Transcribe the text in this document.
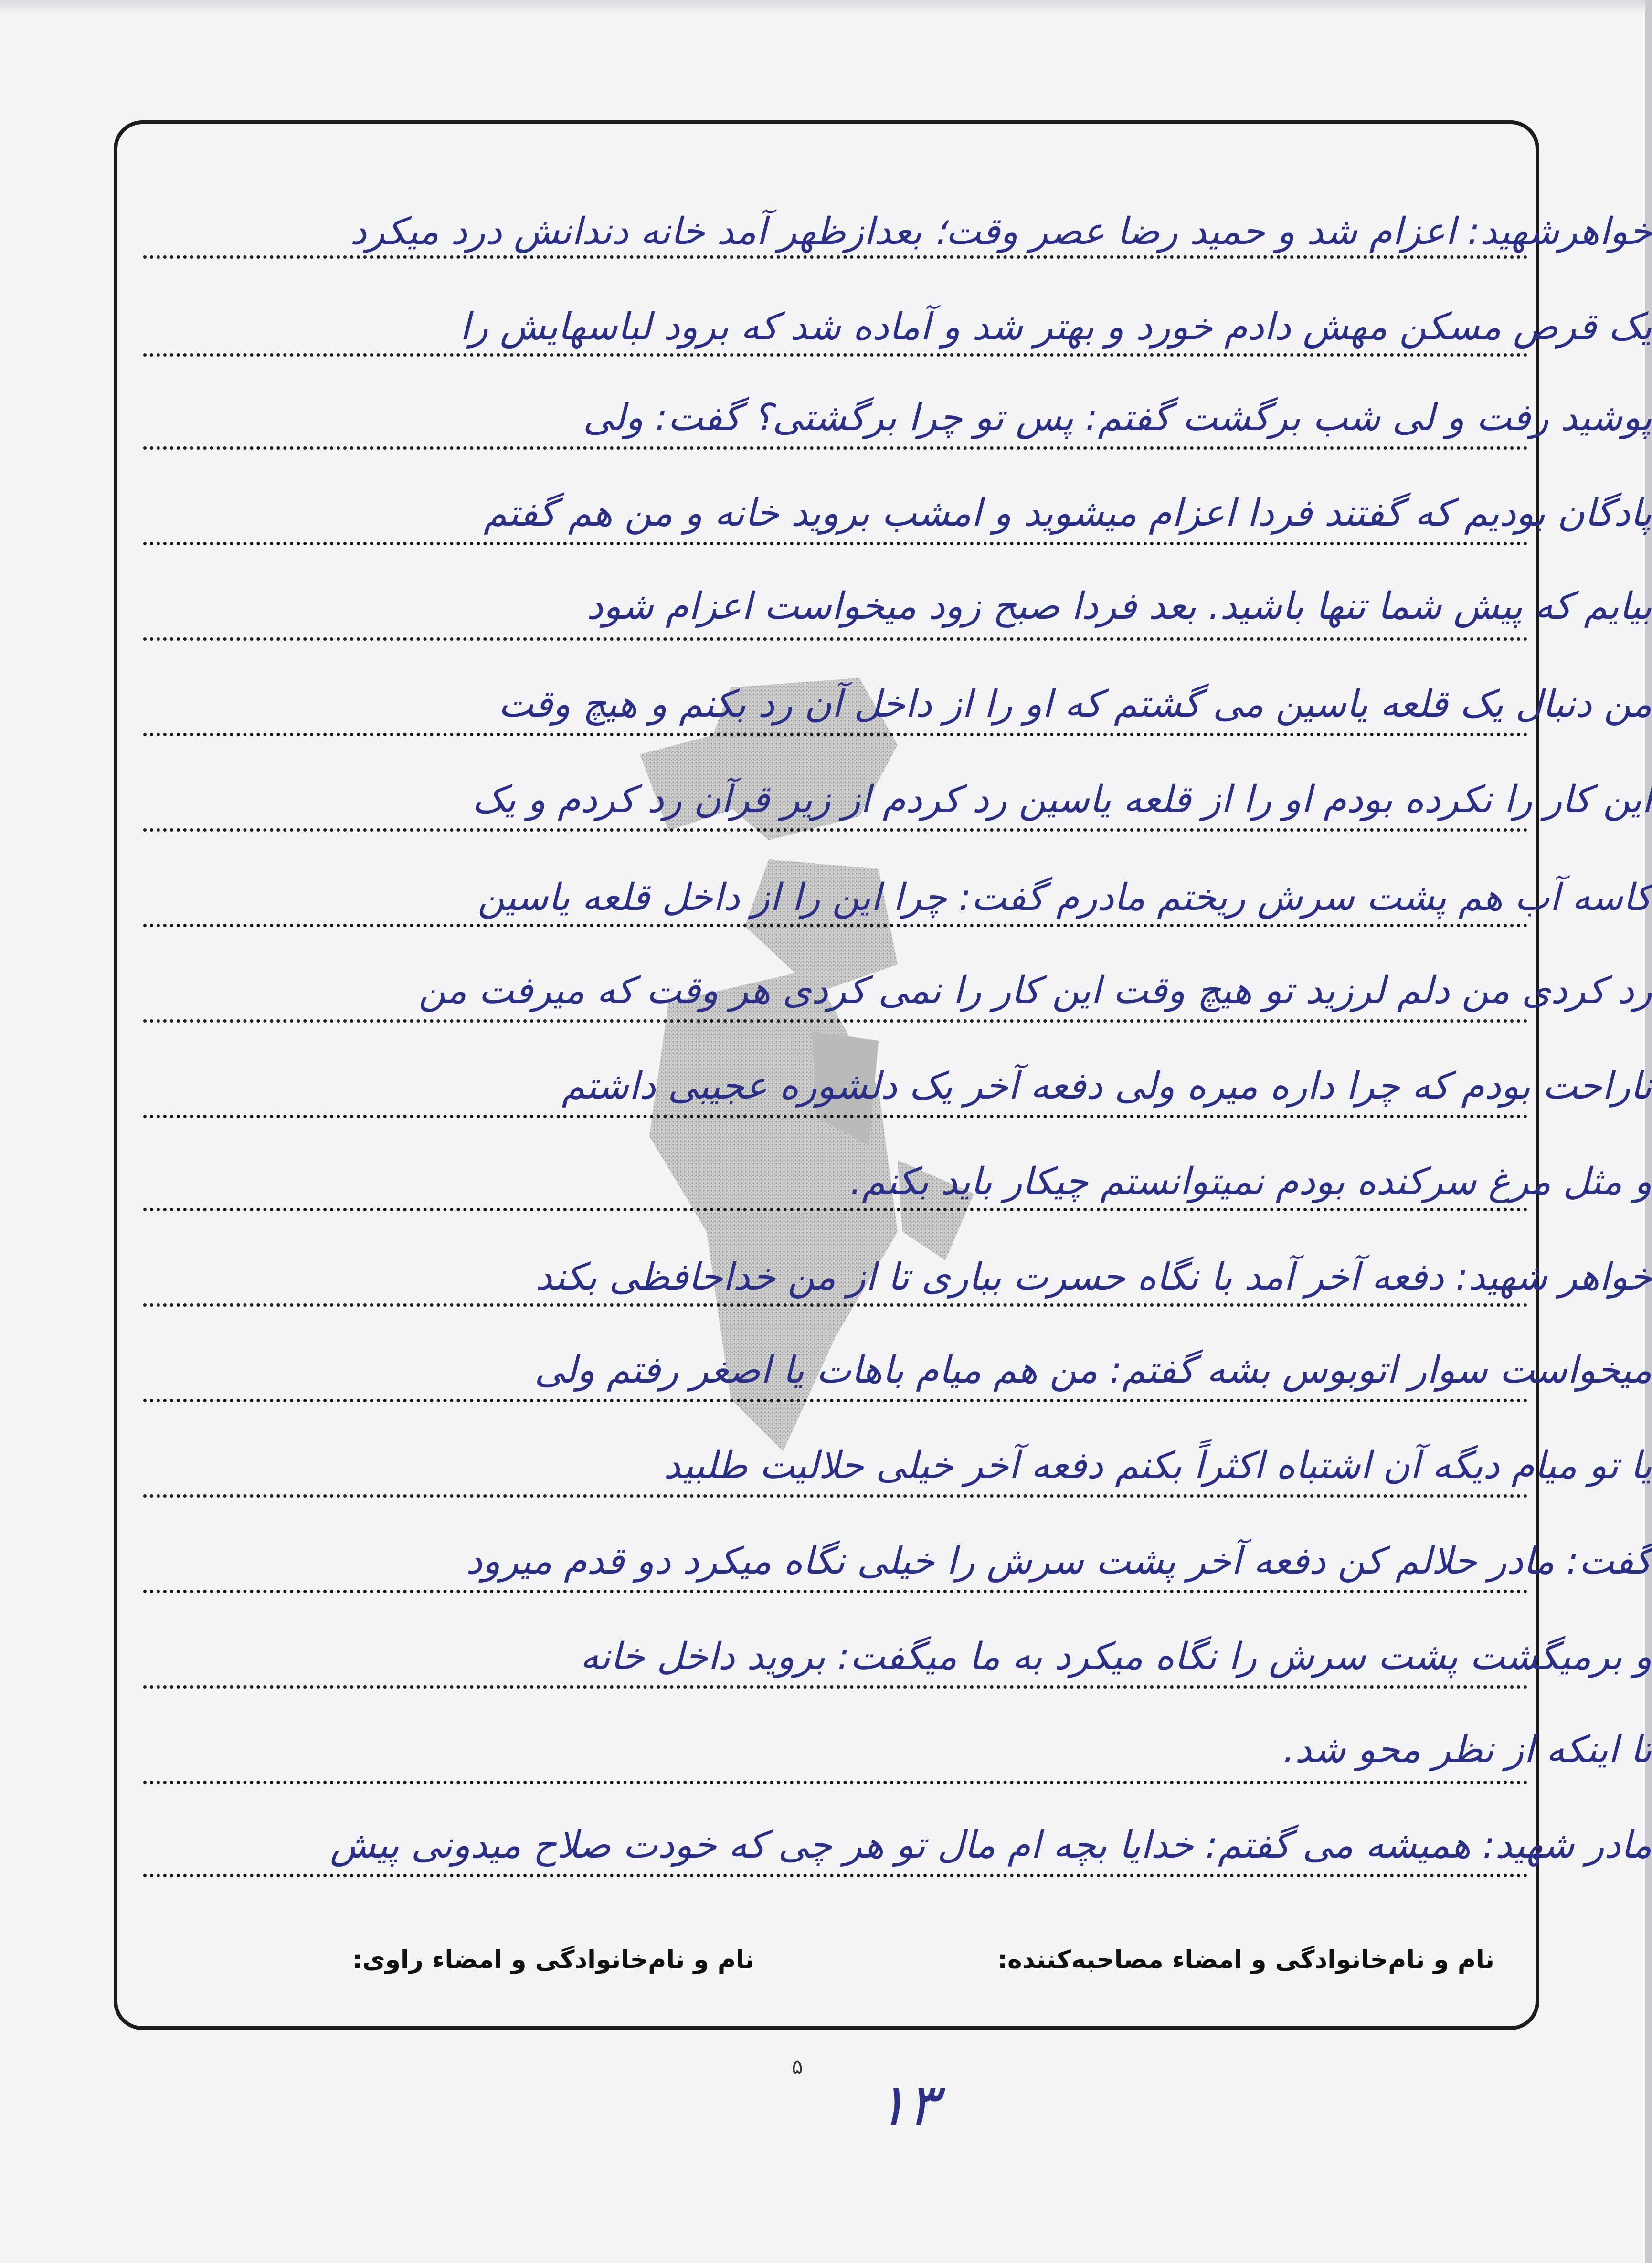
خواهرشهید: اعزام شد و حمید رضا عصر وقت؛ بعدازظهر آمد خانه دندانش درد میکرد
یک قرص مسکن مهش دادم خورد و بهتر شد و آماده شد که برود لباسهایش را
پوشید رفت و لی شب برگشت گفتم: پس تو چرا برگشتی؟ گفت: ولی
پادگان بودیم که گفتند فردا اعزام میشوید و امشب بروید خانه و من هم گفتم
بیایم که پیش شما تنها باشید. بعد فردا صبح زود میخواست اعزام شود
من دنبال یک قلعه یاسین می گشتم که او را از داخل آن رد بکنم و هیچ وقت
این کار را نکرده بودم او را از قلعه یاسین رد کردم از زیر قرآن رد کردم و یک
کاسه آب هم پشت سرش ریختم مادرم گفت: چرا این را از داخل قلعه یاسین
رد کردی من دلم لرزید تو هیچ وقت این کار را نمی کردی هر وقت که میرفت من
ناراحت بودم که چرا داره میره ولی دفعه آخر یک دلشوره عجیبی داشتم
و مثل مرغ سرکنده بودم نمیتوانستم چیکار باید بکنم.
خواهر شهید: دفعه آخر آمد با نگاه حسرت بباری تا از من خداحافظی بکند
میخواست سوار اتوبوس بشه گفتم: من هم میام باهات یا اصغر رفتم ولی
یا تو میام دیگه آن اشتباه اکثراً بکنم دفعه آخر خیلی حلالیت طلبید
گفت: مادر حلالم کن دفعه آخر پشت سرش را خیلی نگاه میکرد دو قدم میرود
و برمیگشت پشت سرش را نگاه میکرد به ما میگفت: بروید داخل خانه
تا اینکه از نظر محو شد.
مادر شهید: همیشه می گفتم: خدایا بچه ام مال تو هر چی که خودت صلاح میدونی پیش
نام و نام‌خانوادگی و امضاء مصاحبه‌کننده:
نام و نام‌خانوادگی و امضاء راوی:
۵
۱۳
